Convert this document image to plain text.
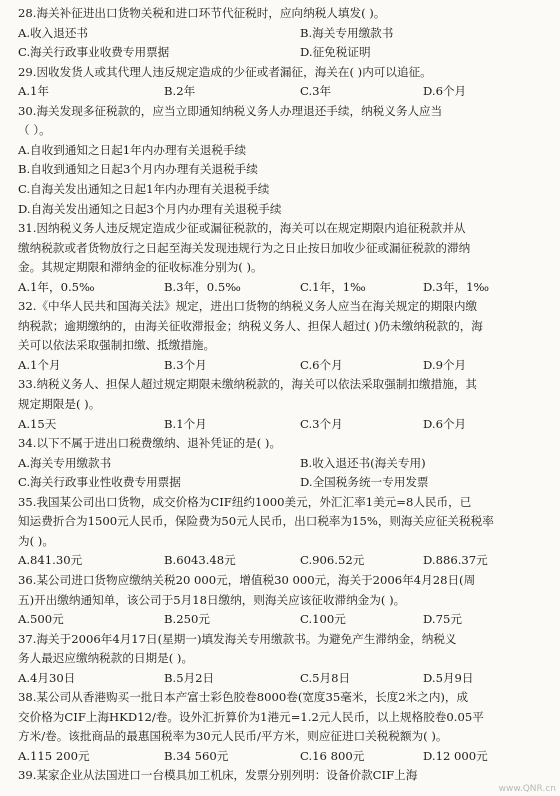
28.海关补征进出口货物关税和进口环节代征税时，应向纳税人填发( )。
A.收入退还书	B.海关专用缴款书
C.海关行政事业收费专用票据	D.征免税证明
29.因收发货人或其代理人违反规定造成的少征或者漏征，海关在( )内可以追征。
A.1年	B.2年	C.3年	D.6个月
30.海关发现多征税款的，应当立即通知纳税义务人办理退还手续，纳税义务人应当
（ ）。
A.自收到通知之日起1年内办理有关退税手续
B.自收到通知之日起3个月内办理有关退税手续
C.自海关发出通知之日起1年内办理有关退税手续
D.自海关发出通知之日起3个月内办理有关退税手续
31.因纳税义务人违反规定造成少征或漏征税款的，海关可以在规定期限内追征税款并从
缴纳税款或者货物放行之日起至海关发现违规行为之日止按日加收少征或漏征税款的滞纳
金。其规定期限和滞纳金的征收标准分别为( )。
A.1年，0.5‰	B.3年，0.5‰	C.1年，1‰	D.3年，1‰
32.《中华人民共和国海关法》规定，进出口货物的纳税义务人应当在海关规定的期限内缴
纳税款；逾期缴纳的，由海关征收滞报金；纳税义务人、担保人超过( )仍未缴纳税款的，海
关可以依法采取强制扣缴、抵缴措施。
A.1个月	B.3个月	C.6个月	D.9个月
33.纳税义务人、担保人超过规定期限未缴纳税款的，海关可以依法采取强制扣缴措施，其
规定期限是( )。
A.15天	B.1个月	C.3个月	D.6个月
34.以下不属于进出口税费缴纳、退补凭证的是( )。
A.海关专用缴款书	B.收入退还书(海关专用)
C.海关行政事业性收费专用票据	D.全国税务统一专用发票
35.我国某公司出口货物，成交价格为CIF纽约1000美元，外汇汇率1美元=8人民币，已
知运费折合为1500元人民币，保险费为50元人民币，出口税率为15%，则海关应征关税税率
为( )。
A.841.30元	B.6043.48元	C.906.52元	D.886.37元
36.某公司进口货物应缴纳关税20 000元，增值税30 000元，海关于2006年4月28日(周
五)开出缴纳通知单，该公司于5月18日缴纳，则海关应该征收滞纳金为( )。
A.500元	B.250元	C.100元	D.75元
37.海关于2006年4月17日(星期一)填发海关专用缴款书。为避免产生滞纳金，纳税义
务人最迟应缴纳税款的日期是( )。
A.4月30日	B.5月2日	C.5月8日	D.5月9日
38.某公司从香港购买一批日本产富士彩色胶卷8000卷(宽度35毫米，长度2米之内)，成
交价格为CIF上海HKD12/卷。设外汇折算价为1港元=1.2元人民币，以上规格胶卷0.05平
方米/卷。该批商品的最惠国税率为30元人民币/平方米，则应征进口关税税额为( )。
A.115 200元	B.34 560元	C.16 800元	D.12 000元
39.某家企业从法国进口一台模具加工机床，发票分别列明：设备价款CIF上海
www.QNR.cn
